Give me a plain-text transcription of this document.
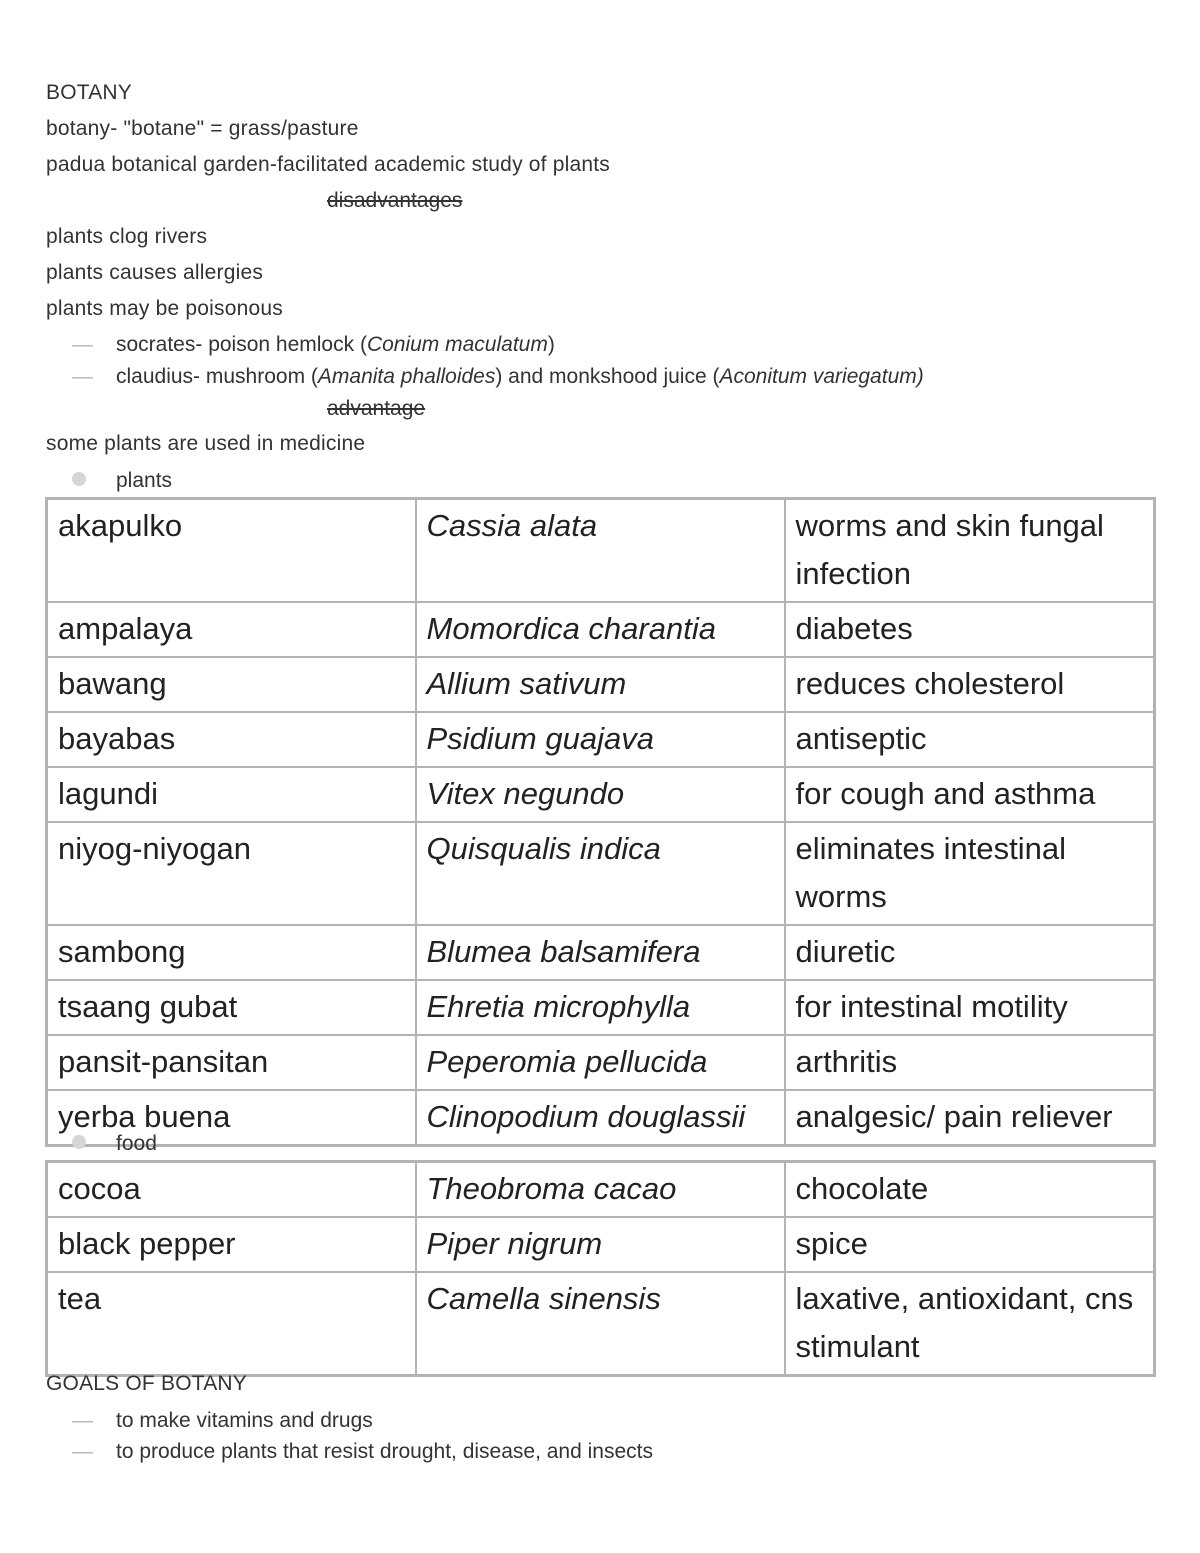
BOTANY
botany- "botane" = grass/pasture
padua botanical garden-facilitated academic study of plants
disadvantages
plants clog rivers
plants causes allergies
plants may be poisonous
— socrates- poison hemlock (Conium maculatum)
— claudius- mushroom (Amanita phalloides) and monkshood juice (Aconitum variegatum)
advantage
some plants are used in medicine
plants
akapulko	Cassia alata	worms and skin fungal infection
ampalaya	Momordica charantia	diabetes
bawang	Allium sativum	reduces cholesterol
bayabas	Psidium guajava	antiseptic
lagundi	Vitex negundo	for cough and asthma
niyog-niyogan	Quisqualis indica	eliminates intestinal worms
sambong	Blumea balsamifera	diuretic
tsaang gubat	Ehretia microphylla	for intestinal motility
pansit-pansitan	Peperomia pellucida	arthritis
yerba buena	Clinopodium douglassii	analgesic/ pain reliever
food
cocoa	Theobroma cacao	chocolate
black pepper	Piper nigrum	spice
tea	Camella sinensis	laxative, antioxidant, cns stimulant
GOALS OF BOTANY
— to make vitamins and drugs
— to produce plants that resist drought, disease, and insects
